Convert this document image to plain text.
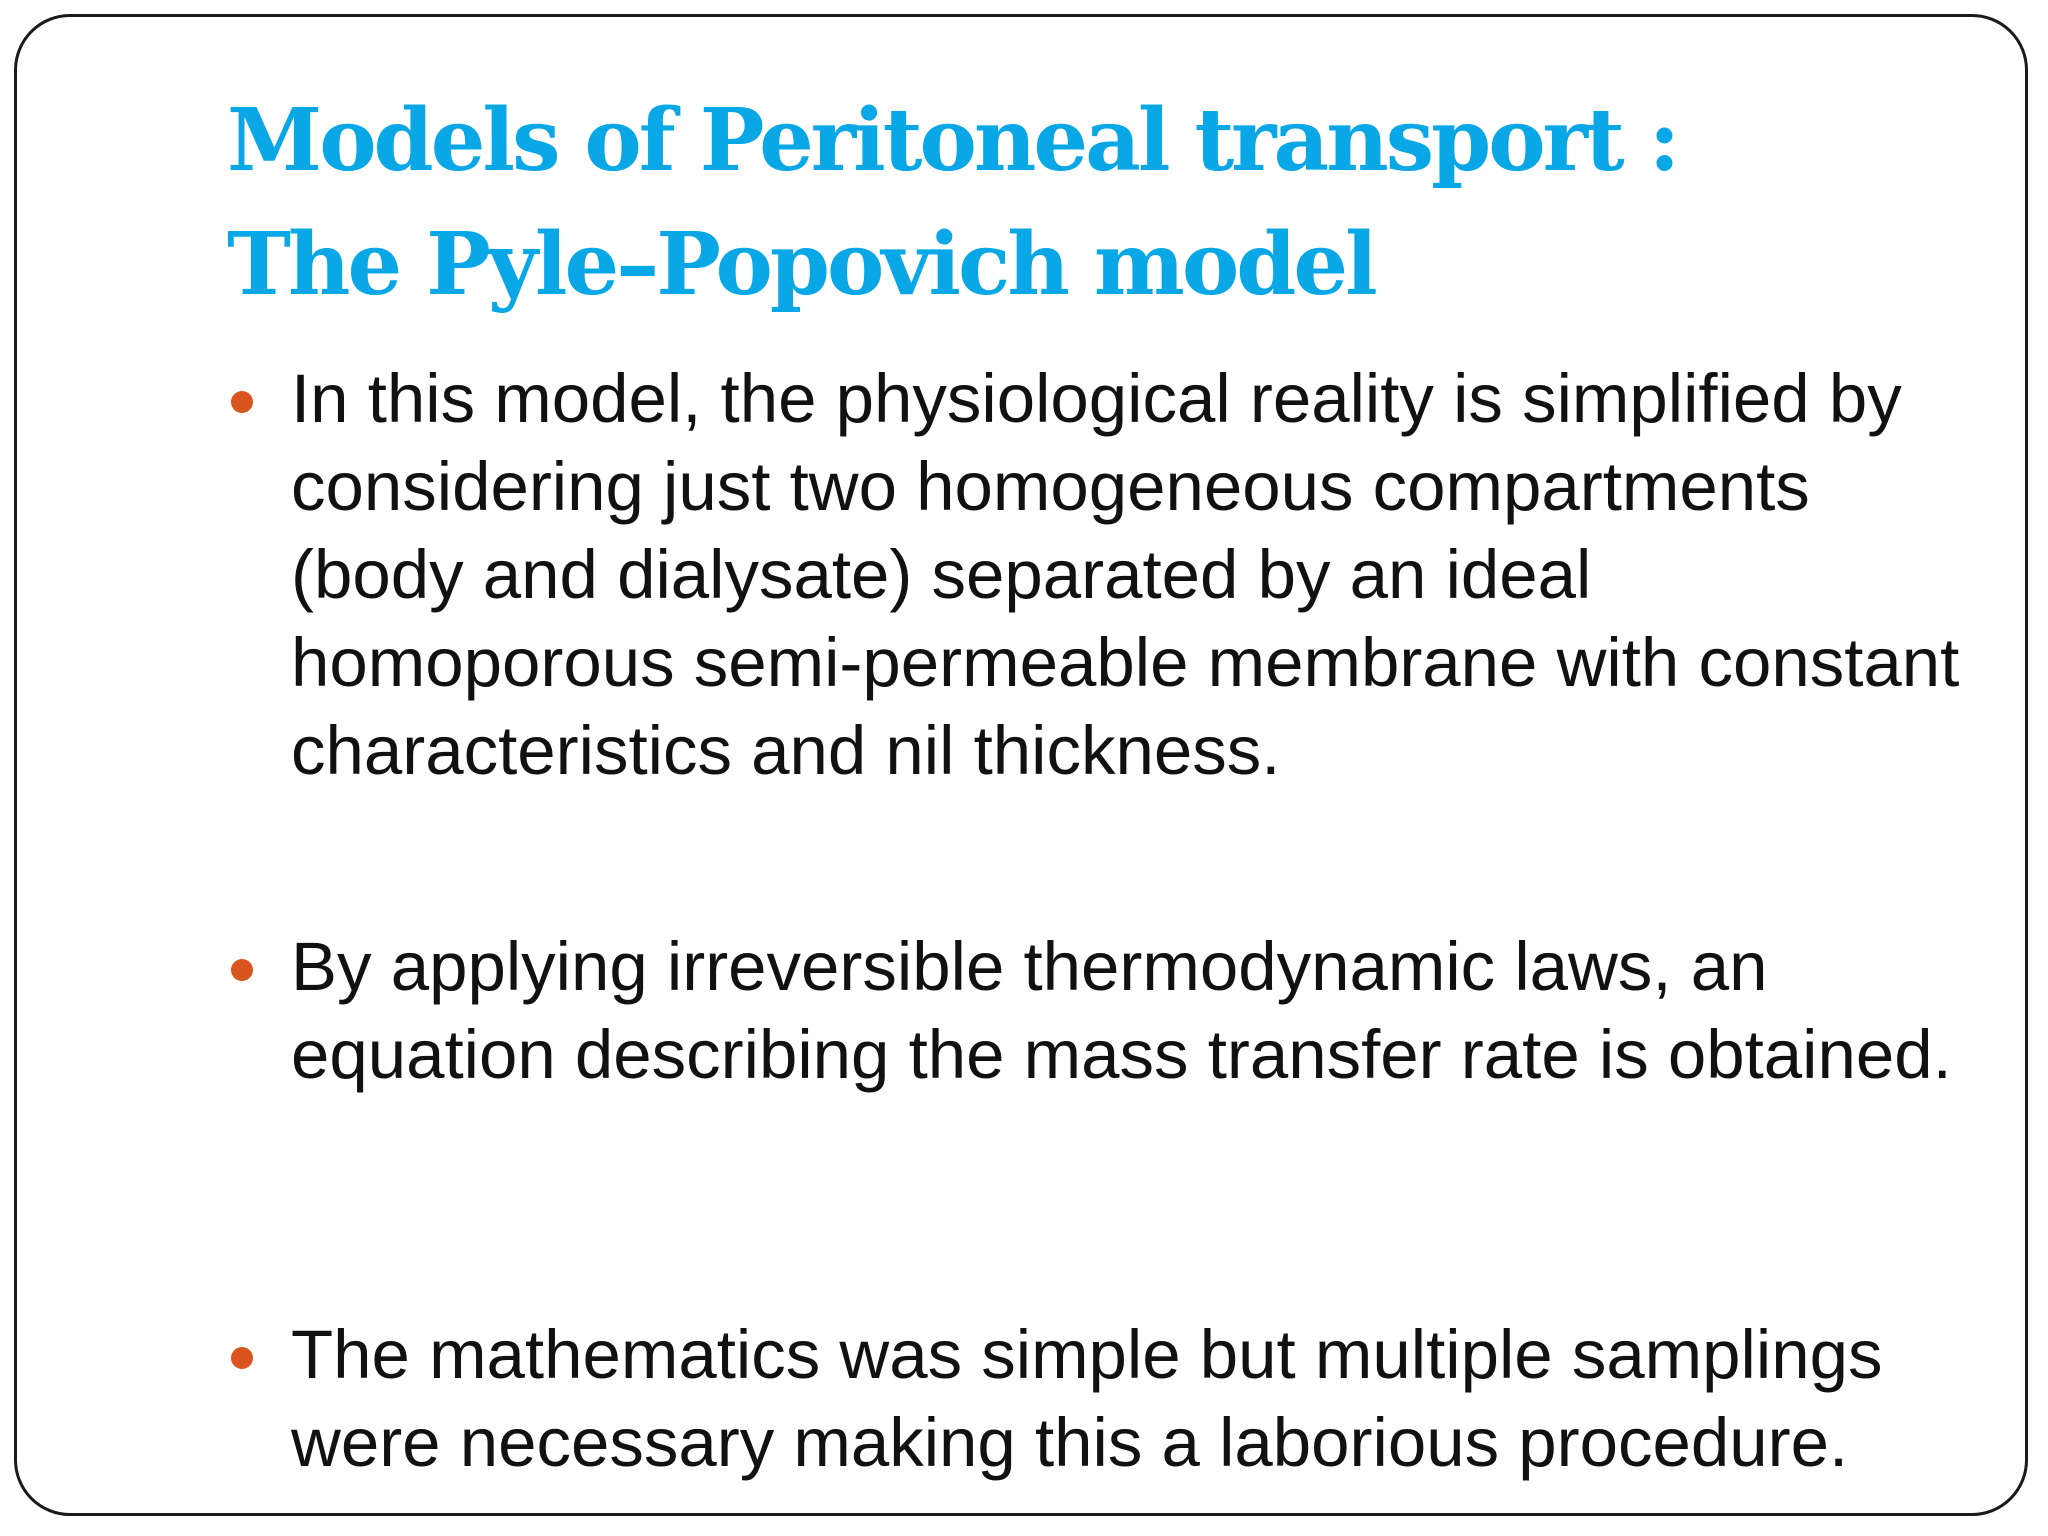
Models of Peritoneal transport :
The Pyle–Popovich model
In this model, the physiological reality is simplified by considering just two homogeneous compartments (body and dialysate) separated by an ideal homoporous semi-permeable membrane with constant characteristics and nil thickness.
By applying irreversible thermodynamic laws, an equation describing the mass transfer rate is obtained.
The mathematics was simple but multiple samplings were necessary making this a laborious procedure.
